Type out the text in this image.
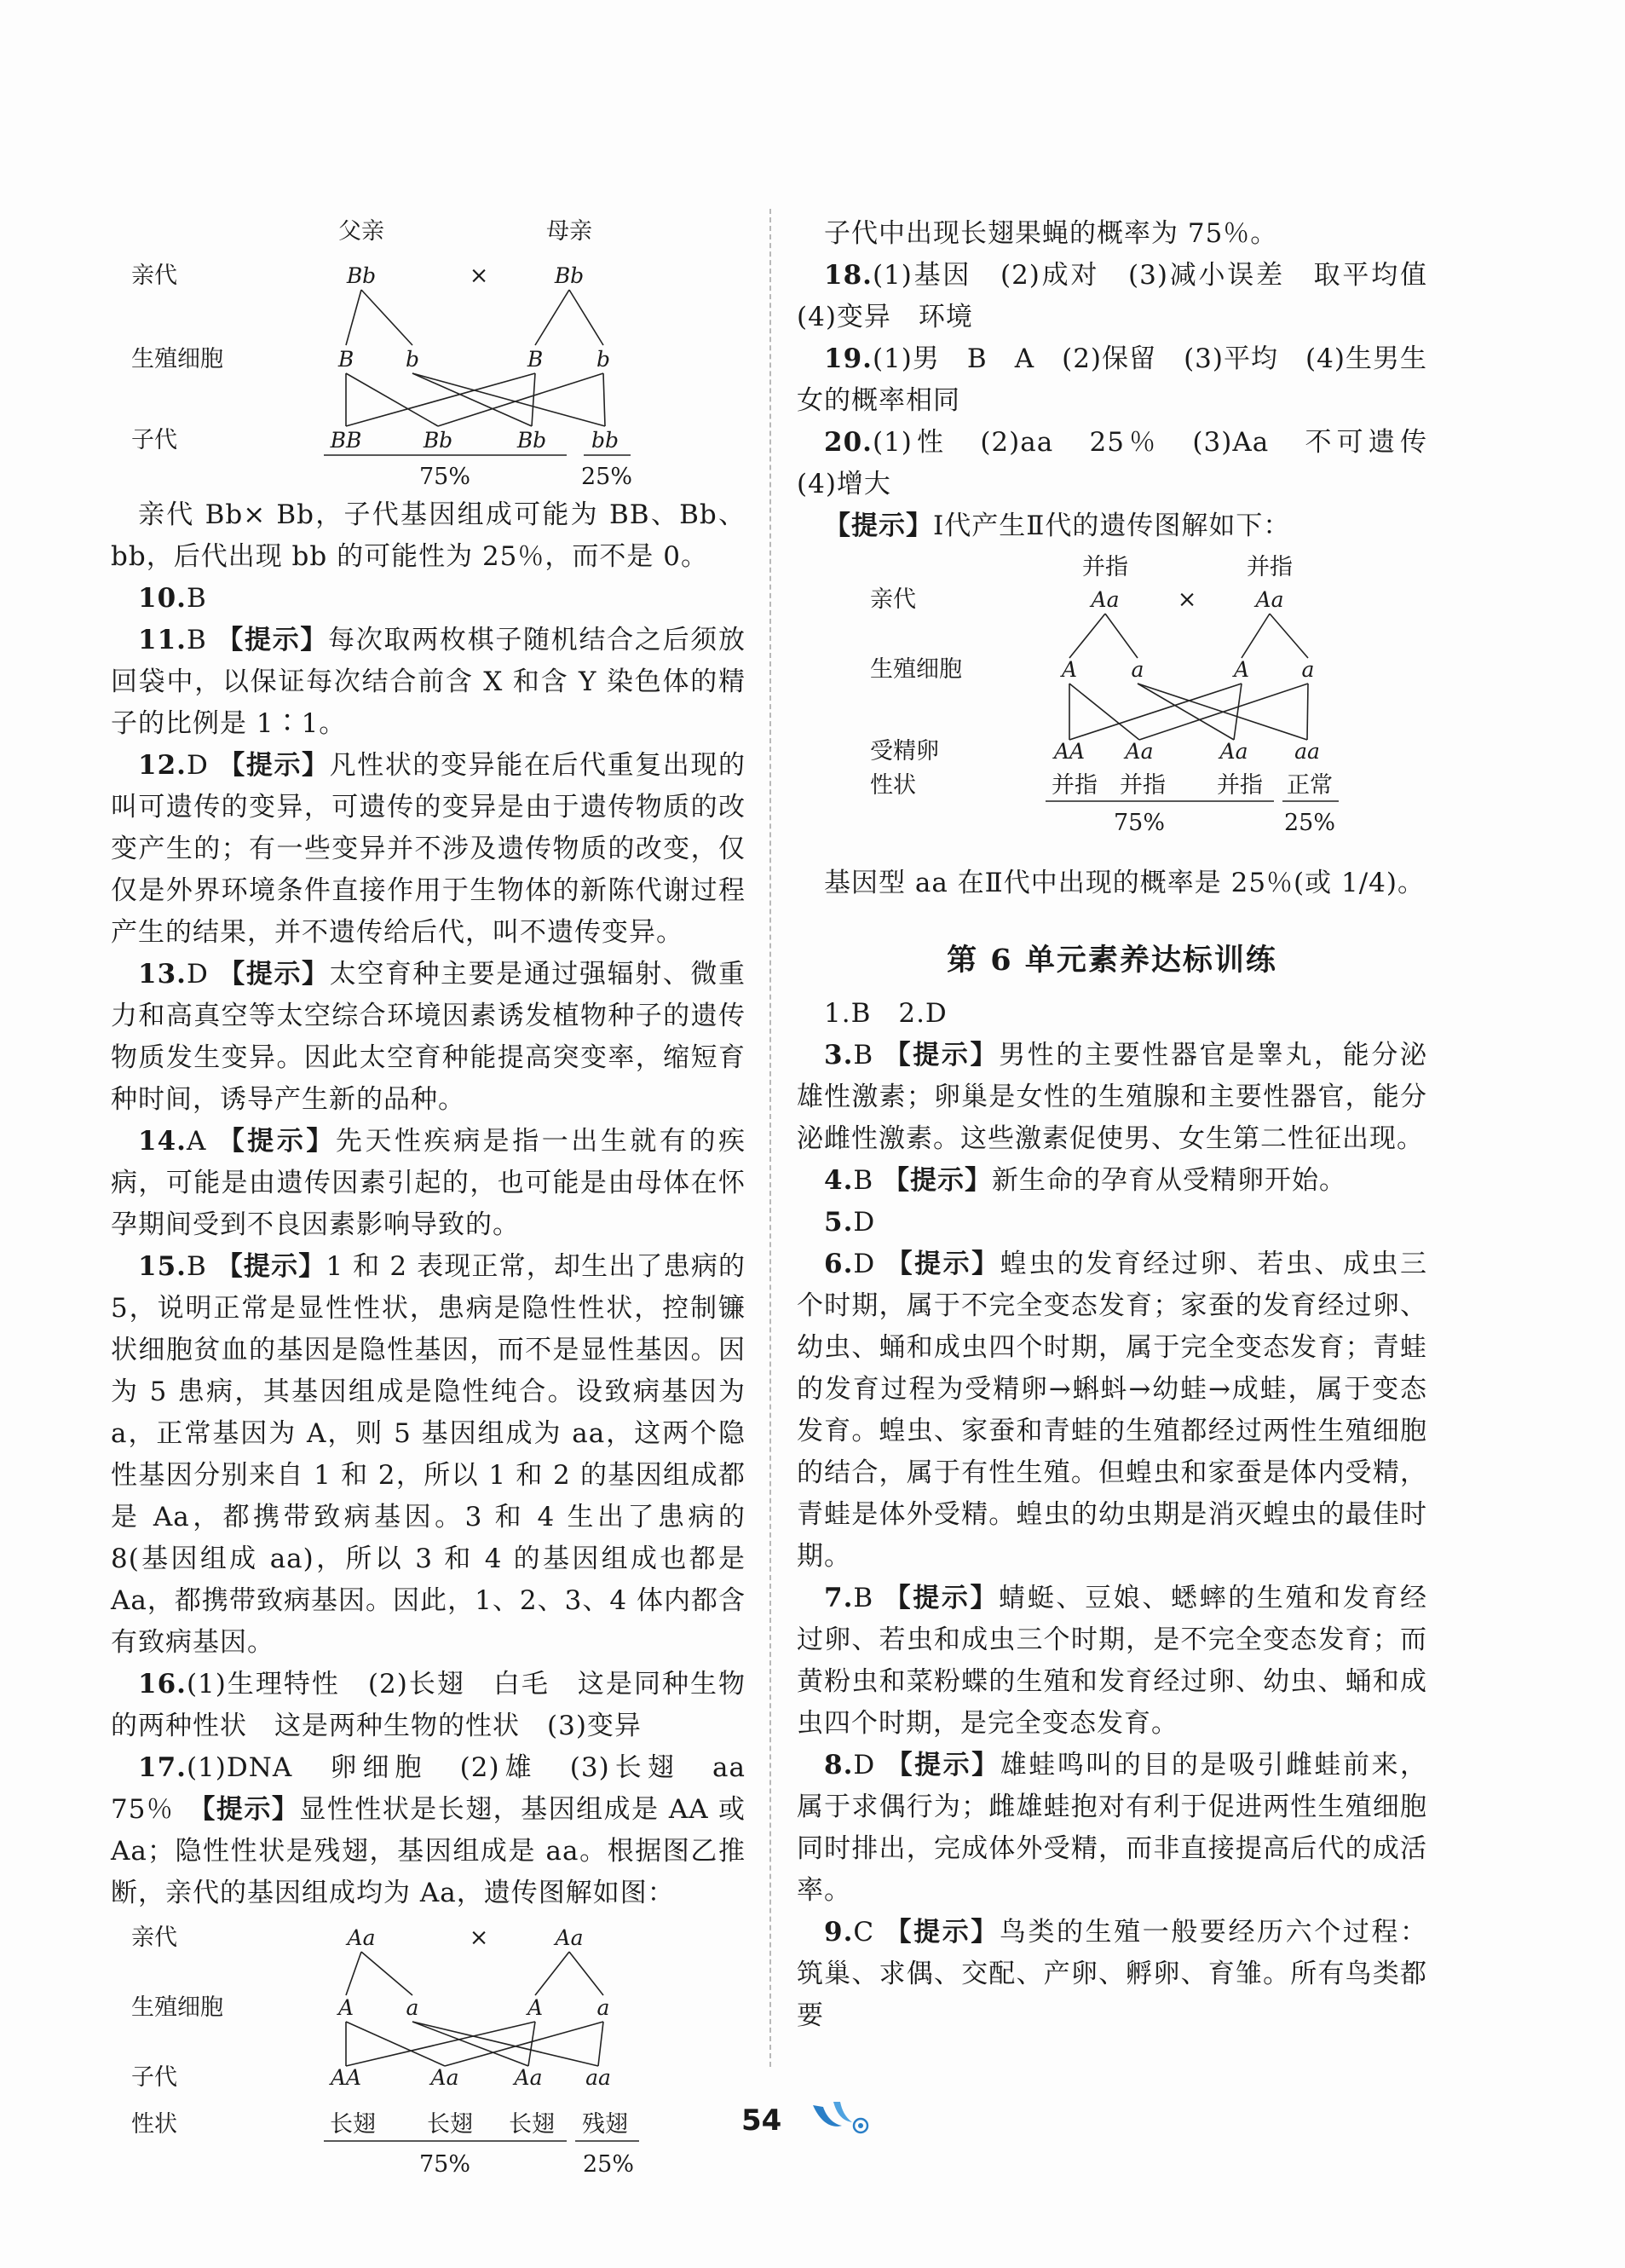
父亲	母亲
亲代	Bb	×	Bb
生殖细胞	B b	B	b
子代	BB	Bb	Bb bb
75%	25%

亲代 Bb× Bb，子代基因组成可能为 BB、Bb、bb，后代出现 bb 的可能性为 25％，而不是 0。

10.B

11.B 【提示】每次取两枚棋子随机结合之后须放回袋中，以保证每次结合前含 X 和含 Y 染色体的精子的比例是 1∶1。

12.D 【提示】凡性状的变异能在后代重复出现的叫可遗传的变异，可遗传的变异是由于遗传物质的改变产生的；有一些变异并不涉及遗传物质的改变，仅仅是外界环境条件直接作用于生物体的新陈代谢过程产生的结果，并不遗传给后代，叫不遗传变异。

13.D 【提示】太空育种主要是通过强辐射、微重力和高真空等太空综合环境因素诱发植物种子的遗传物质发生变异。因此太空育种能提高突变率，缩短育种时间，诱导产生新的品种。

14.A 【提示】先天性疾病是指一出生就有的疾病，可能是由遗传因素引起的，也可能是由母体在怀孕期间受到不良因素影响导致的。

15.B 【提示】1 和 2 表现正常，却生出了患病的 5，说明正常是显性性状，患病是隐性性状，控制镰状细胞贫血的基因是隐性基因，而不是显性基因。因为 5 患病，其基因组成是隐性纯合。设致病基因为 a，正常基因为 A，则 5 基因组成为 aa，这两个隐性基因分别来自 1 和 2，所以 1 和 2 的基因组成都是 Aa，都携带致病基因。3 和 4 生出了患病的 8(基因组成 aa)，所以 3 和 4 的基因组成也都是 Aa，都携带致病基因。因此，1、2、3、4 体内都含有致病基因。

16.(1)生理特性　(2)长翅　白毛　这是同种生物的两种性状　这是两种生物的性状　(3)变异

17.(1)DNA　卵细胞　(2)雄　(3)长翅　aa　75％　【提示】显性性状是长翅，基因组成是 AA 或 Aa；隐性性状是残翅，基因组成是 aa。根据图乙推断，亲代的基因组成均为 Aa，遗传图解如图：

亲代	Aa	×	Aa
生殖细胞	A a	A	a
子代	AA	Aa	Aa aa
性状	长翅 长翅 长翅 残翅
75%	25%

子代中出现长翅果蝇的概率为 75％。

18.(1)基因　(2)成对　(3)减小误差　取平均值　(4)变异　环境

19.(1)男　B　A　(2)保留　(3)平均　(4)生男生女的概率相同

20.(1)性　(2)aa　25％　(3)Aa　不可遗传　(4)增大

【提示】Ⅰ代产生Ⅱ代的遗传图解如下：

并指	并指
亲代	Aa	×	Aa
生殖细胞	A	a	A a
受精卵	AA Aa	Aa aa
性状	并指 并指 并指 正常
75%	25%

基因型 aa 在Ⅱ代中出现的概率是 25％(或 1/4)。

第 6 单元素养达标训练

1.B　2.D

3.B 【提示】男性的主要性器官是睾丸，能分泌雄性激素；卵巢是女性的生殖腺和主要性器官，能分泌雌性激素。这些激素促使男、女生第二性征出现。

4.B 【提示】新生命的孕育从受精卵开始。

5.D

6.D 【提示】蝗虫的发育经过卵、若虫、成虫三个时期，属于不完全变态发育；家蚕的发育经过卵、幼虫、蛹和成虫四个时期，属于完全变态发育；青蛙的发育过程为受精卵→蝌蚪→幼蛙→成蛙，属于变态发育。蝗虫、家蚕和青蛙的生殖都经过两性生殖细胞的结合，属于有性生殖。但蝗虫和家蚕是体内受精，青蛙是体外受精。蝗虫的幼虫期是消灭蝗虫的最佳时期。

7.B 【提示】蜻蜓、豆娘、蟋蟀的生殖和发育经过卵、若虫和成虫三个时期，是不完全变态发育；而黄粉虫和菜粉蝶的生殖和发育经过卵、幼虫、蛹和成虫四个时期，是完全变态发育。

8.D 【提示】雄蛙鸣叫的目的是吸引雌蛙前来，属于求偶行为；雌雄蛙抱对有利于促进两性生殖细胞同时排出，完成体外受精，而非直接提高后代的成活率。

9.C 【提示】鸟类的生殖一般要经历六个过程：筑巢、求偶、交配、产卵、孵卵、育雏。所有鸟类都要

54
